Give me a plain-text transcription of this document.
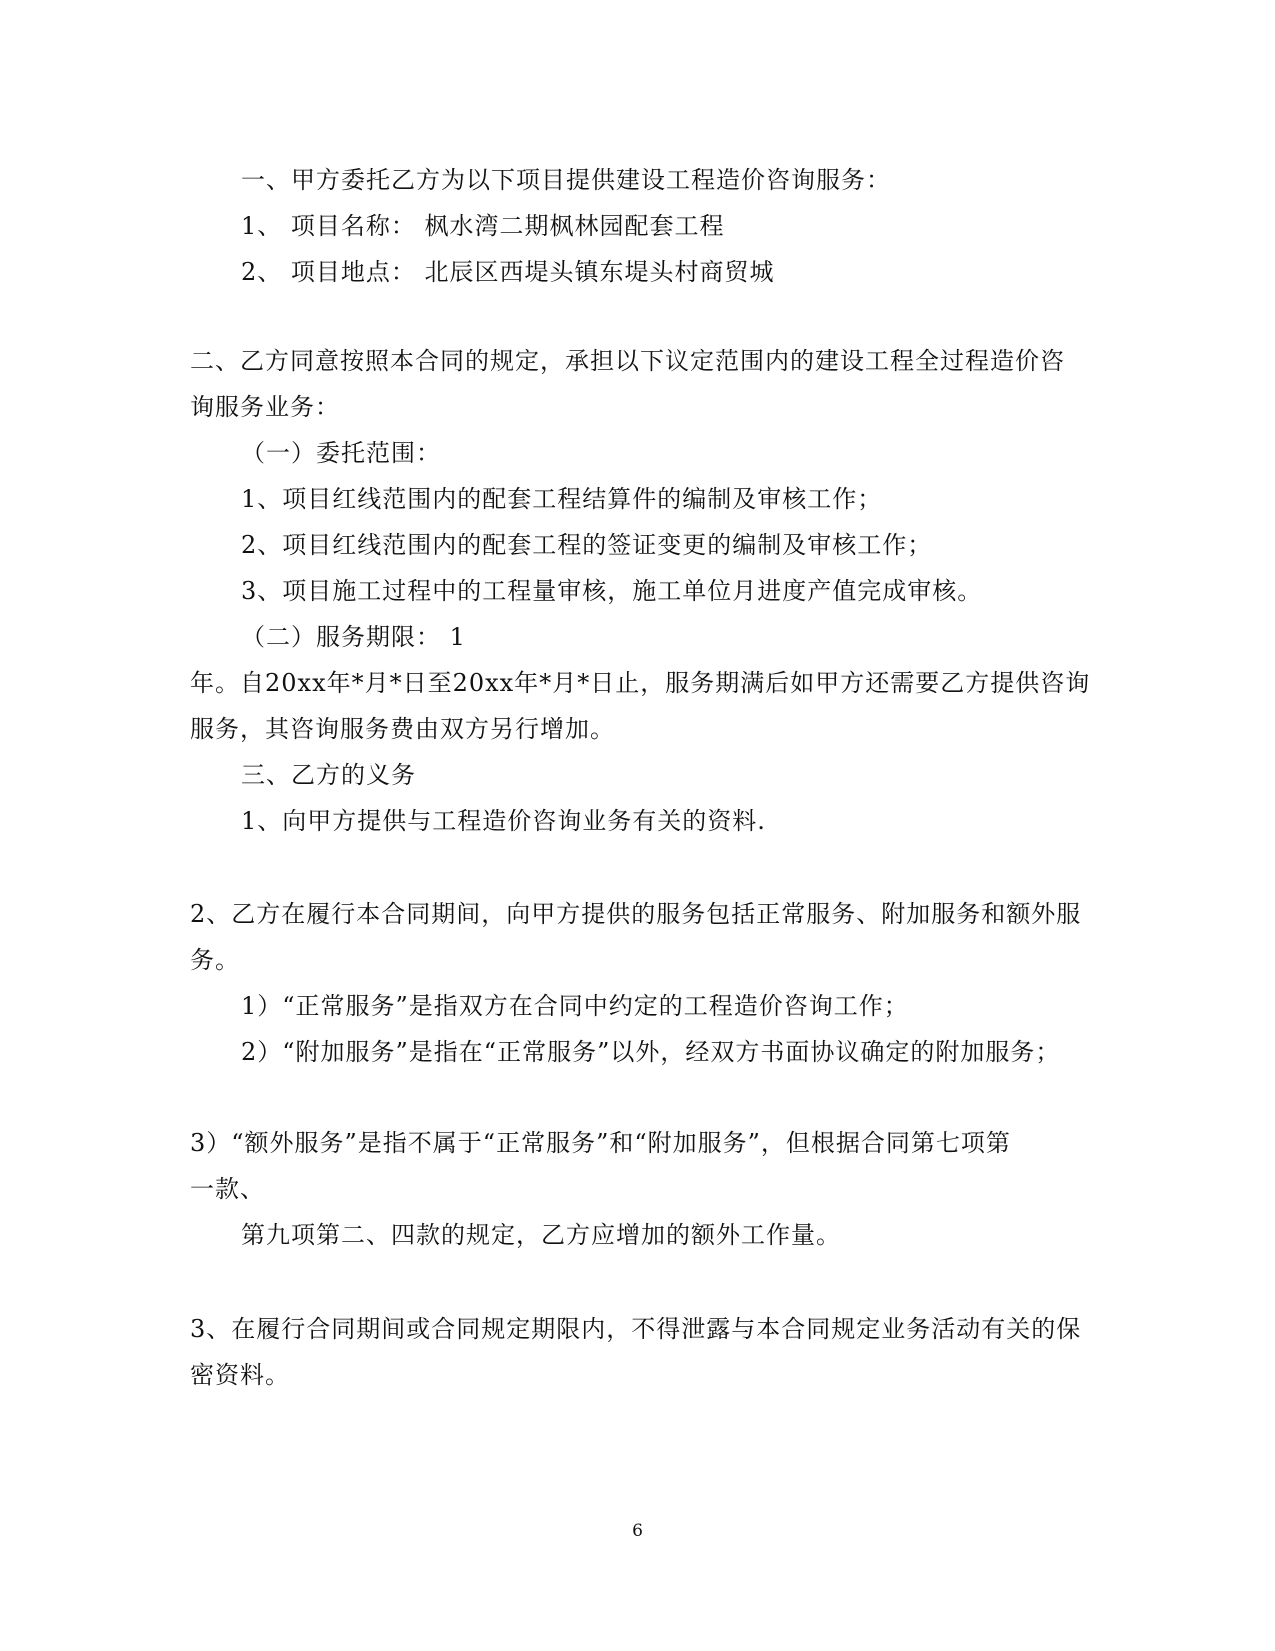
一、甲方委托乙方为以下项目提供建设工程造价咨询服务：
1、 项目名称： 枫水湾二期枫林园配套工程
2、 项目地点： 北辰区西堤头镇东堤头村商贸城
二、乙方同意按照本合同的规定，承担以下议定范围内的建设工程全过程造价咨
询服务业务：
（一）委托范围：
1、项目红线范围内的配套工程结算件的编制及审核工作；
2、项目红线范围内的配套工程的签证变更的编制及审核工作；
3、项目施工过程中的工程量审核，施工单位月进度产值完成审核。
（二）服务期限： 1
年。自20xx年*月*日至20xx年*月*日止，服务期满后如甲方还需要乙方提供咨询
服务，其咨询服务费由双方另行增加。
三、乙方的义务
1、向甲方提供与工程造价咨询业务有关的资料.
2、乙方在履行本合同期间，向甲方提供的服务包括正常服务、附加服务和额外服
务。
1）“正常服务”是指双方在合同中约定的工程造价咨询工作；
2）“附加服务”是指在“正常服务”以外，经双方书面协议确定的附加服务；
3）“额外服务”是指不属于“正常服务”和“附加服务”，但根据合同第七项第
一款、
第九项第二、四款的规定，乙方应增加的额外工作量。
3、在履行合同期间或合同规定期限内，不得泄露与本合同规定业务活动有关的保
密资料。
6
